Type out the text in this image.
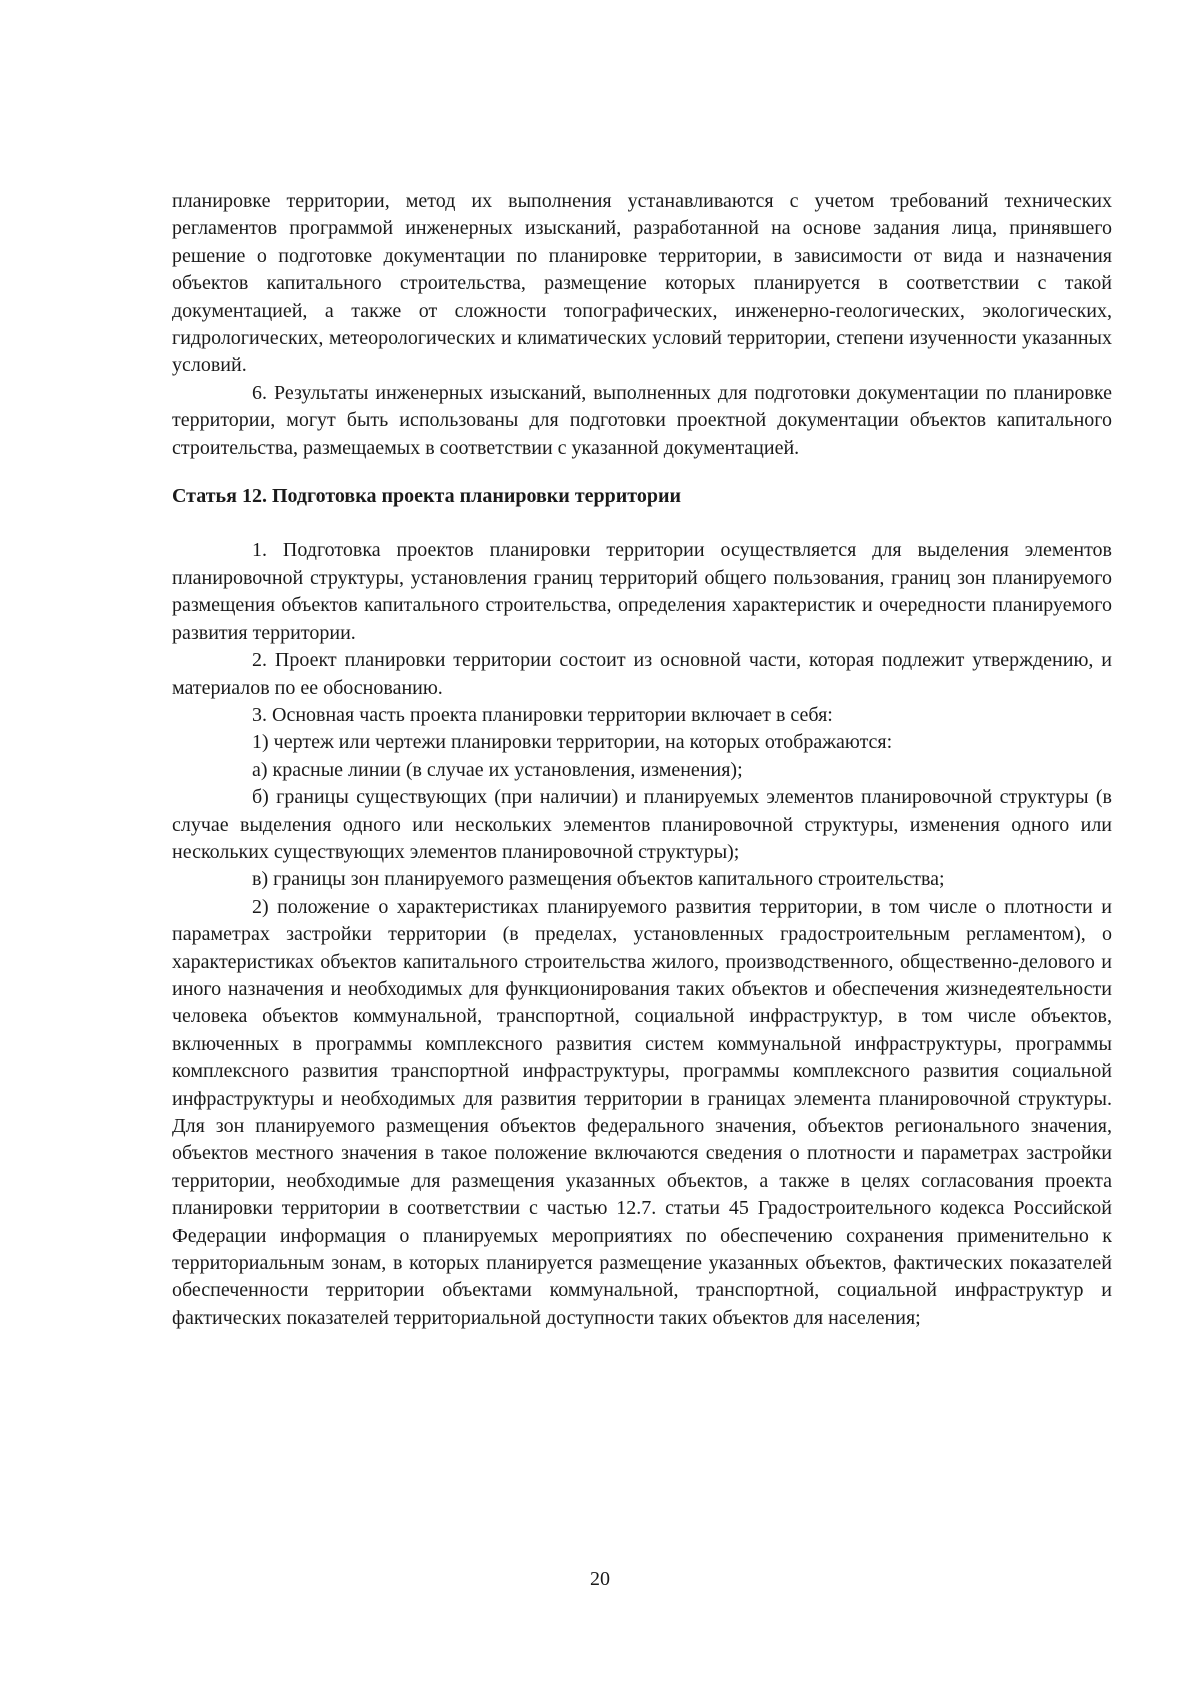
планировке территории, метод их выполнения устанавливаются с учетом требований технических регламентов программой инженерных изысканий, разработанной на основе задания лица, принявшего решение о подготовке документации по планировке территории, в зависимости от вида и назначения объектов капитального строительства, размещение которых планируется в соответствии с такой документацией, а также от сложности топографических, инженерно-геологических, экологических, гидрологических, метеорологических и климатических условий территории, степени изученности указанных условий.

6. Результаты инженерных изысканий, выполненных для подготовки документации по планировке территории, могут быть использованы для подготовки проектной документации объектов капитального строительства, размещаемых в соответствии с указанной документацией.

Статья 12. Подготовка проекта планировки территории

1. Подготовка проектов планировки территории осуществляется для выделения элементов планировочной структуры, установления границ территорий общего пользования, границ зон планируемого размещения объектов капитального строительства, определения характеристик и очередности планируемого развития территории.

2. Проект планировки территории состоит из основной части, которая подлежит утверждению, и материалов по ее обоснованию.

3. Основная часть проекта планировки территории включает в себя:

1) чертеж или чертежи планировки территории, на которых отображаются:

а) красные линии (в случае их установления, изменения);

б) границы существующих (при наличии) и планируемых элементов планировочной структуры (в случае выделения одного или нескольких элементов планировочной структуры, изменения одного или нескольких существующих элементов планировочной структуры);

в) границы зон планируемого размещения объектов капитального строительства;

2) положение о характеристиках планируемого развития территории, в том числе о плотности и параметрах застройки территории (в пределах, установленных градостроительным регламентом), о характеристиках объектов капитального строительства жилого, производственного, общественно-делового и иного назначения и необходимых для функционирования таких объектов и обеспечения жизнедеятельности человека объектов коммунальной, транспортной, социальной инфраструктур, в том числе объектов, включенных в программы комплексного развития систем коммунальной инфраструктуры, программы комплексного развития транспортной инфраструктуры, программы комплексного развития социальной инфраструктуры и необходимых для развития территории в границах элемента планировочной структуры. Для зон планируемого размещения объектов федерального значения, объектов регионального значения, объектов местного значения в такое положение включаются сведения о плотности и параметрах застройки территории, необходимые для размещения указанных объектов, а также в целях согласования проекта планировки территории в соответствии с частью 12.7. статьи 45 Градостроительного кодекса Российской Федерации информация о планируемых мероприятиях по обеспечению сохранения применительно к территориальным зонам, в которых планируется размещение указанных объектов, фактических показателей обеспеченности территории объектами коммунальной, транспортной, социальной инфраструктур и фактических показателей территориальной доступности таких объектов для населения;

20
